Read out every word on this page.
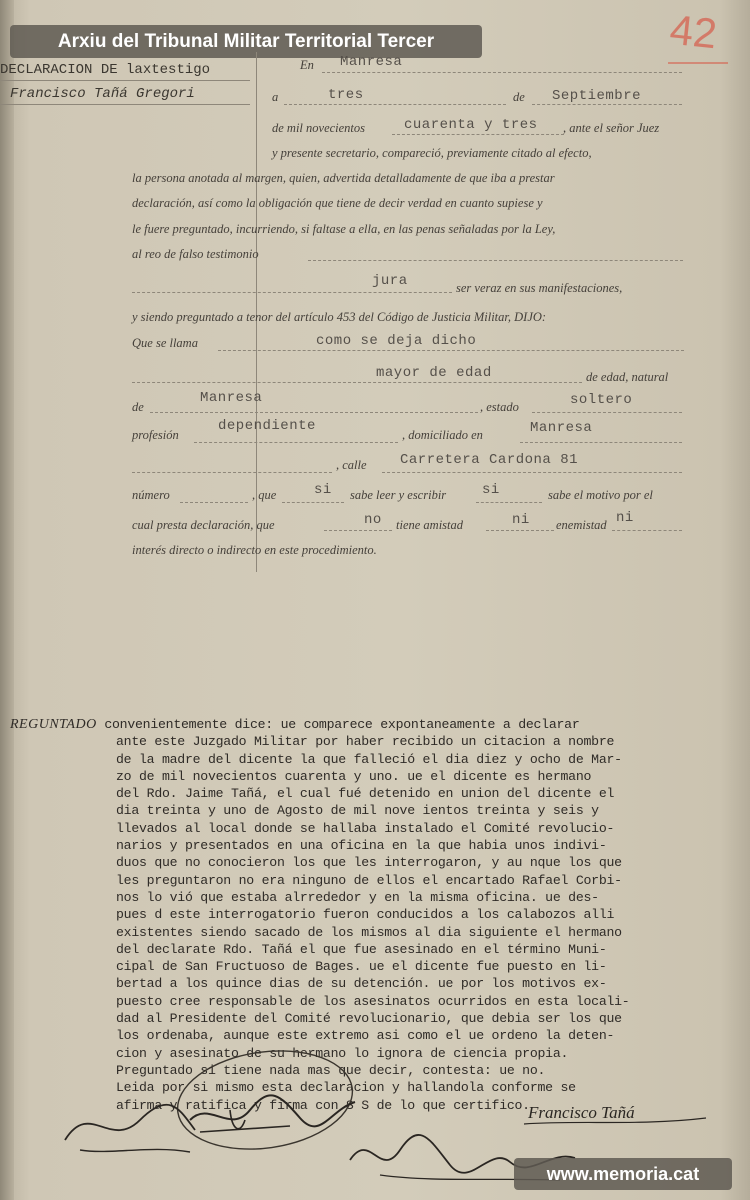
Arxiu del Tribunal Militar Territorial Tercer	42
DECLARACION DE laxtestigo
Francisco Tañá Gregori
En Manresa
a	tres	de Septiembre
de mil novecientos	cuarenta y tres , ante el señor Juez
y presente secretario, compareció, previamente citado al efecto,
la persona anotada al margen, quien, advertida detalladamente de que iba a prestar
declaración, así como la obligación que tiene de decir verdad en cuanto supiese y
le fuere preguntado, incurriendo, si faltase a ella, en las penas señaladas por la Ley,
al reo de falso testimonio
jura	ser veraz en sus manifestaciones,
y siendo preguntado a tenor del artículo 453 del Código de Justicia Militar, DIJO:
Que se llama	como se deja dicho
mayor de edad	de edad, natural
de
Manresa
, estado	soltero
profesión
dependiente
, domiciliado en	Manresa
, calle Carretera Cardona 81
número	, que	si sabe leer y escribir	si	sabe el motivo por el
cual presta declaración, que	no tiene amistad	ni enemistad ni
interés directo o indirecto en este procedimiento.
REGUNTADO convenientemente dice: ue comparece expontaneamente a declarar
ante este Juzgado Militar por haber recibido un citacion a nombre
de la madre del dicente la que falleció el dia diez y ocho de Mar-
zo de mil novecientos cuarenta y uno. ue el dicente es hermano
del Rdo. Jaime Tañá, el cual fué detenido en union del dicente el
dia treinta y uno de Agosto de mil nove ientos treinta y seis y
llevados al local donde se hallaba instalado el Comité revolucio-
narios y presentados en una oficina en la que habia unos indivi-
duos que no conocieron los que les interrogaron, y au nque los que
les preguntaron no era ninguno de ellos el encartado Rafael Corbi-
nos lo vió que estaba alrrededor y en la misma oficina. ue des-
pues d este interrogatorio fueron conducidos a los calabozos alli
existentes siendo sacado de los mismos al dia siguiente el hermano
del declarate Rdo. Tañá el que fue asesinado en el término Muni-
cipal de San Fructuoso de Bages. ue el dicente fue puesto en li-
bertad a los quince dias de su detención. ue por los motivos ex-
puesto cree responsable de los asesinatos ocurridos en esta locali-
dad al Presidente del Comité revolucionario, que debia ser los que
los ordenaba, aunque este extremo asi como el ue ordeno la deten-
cion y asesinato de su hermano lo ignora de ciencia propia.
Preguntado si tiene nada mas que decir, contesta: ue no.
Leida por si mismo esta declaracion y hallandola conforme se
afirma y ratifica y firma con S S de lo que certifico.
Francisco Tañá
www.memoria.cat
